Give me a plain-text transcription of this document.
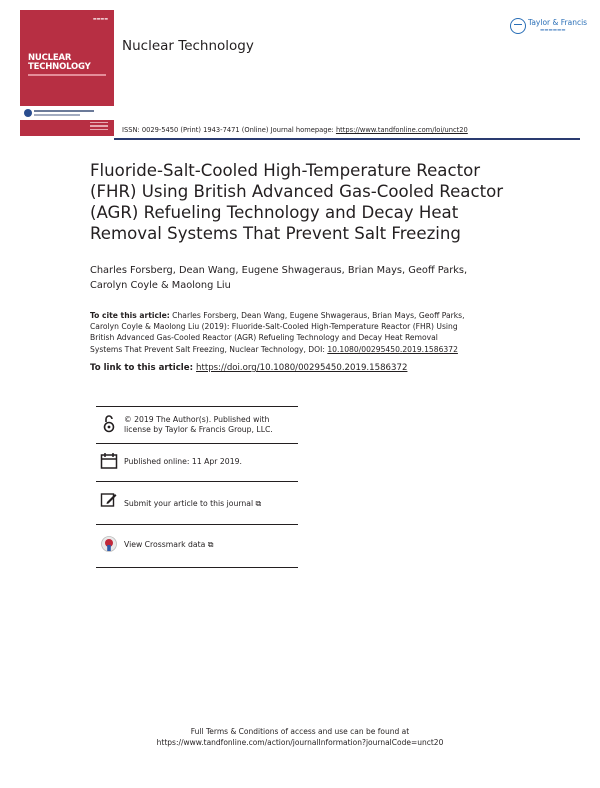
▬▬▬▬
NUCLEAR
TECHNOLOGY
Nuclear Technology
Taylor & Francis
▬▬▬▬▬▬
ISSN: 0029-5450 (Print) 1943-7471 (Online) Journal homepage: https://www.tandfonline.com/loi/unct20
Fluoride-Salt-Cooled High-Temperature Reactor
(FHR) Using British Advanced Gas-Cooled Reactor
(AGR) Refueling Technology and Decay Heat
Removal Systems That Prevent Salt Freezing
Charles Forsberg, Dean Wang, Eugene Shwageraus, Brian Mays, Geoff Parks,
Carolyn Coyle & Maolong Liu
To cite this article: Charles Forsberg, Dean Wang, Eugene Shwageraus, Brian Mays, Geoff Parks,
Carolyn Coyle & Maolong Liu (2019): Fluoride-Salt-Cooled High-Temperature Reactor (FHR) Using
British Advanced Gas-Cooled Reactor (AGR) Refueling Technology and Decay Heat Removal
Systems That Prevent Salt Freezing, Nuclear Technology, DOI: 10.1080/00295450.2019.1586372
To link to this article: https://doi.org/10.1080/00295450.2019.1586372
© 2019 The Author(s). Published with
license by Taylor & Francis Group, LLC.
Published online: 11 Apr 2019.
Submit your article to this journal ⧉
View Crossmark data ⧉
Full Terms & Conditions of access and use can be found at
https://www.tandfonline.com/action/journalInformation?journalCode=unct20
